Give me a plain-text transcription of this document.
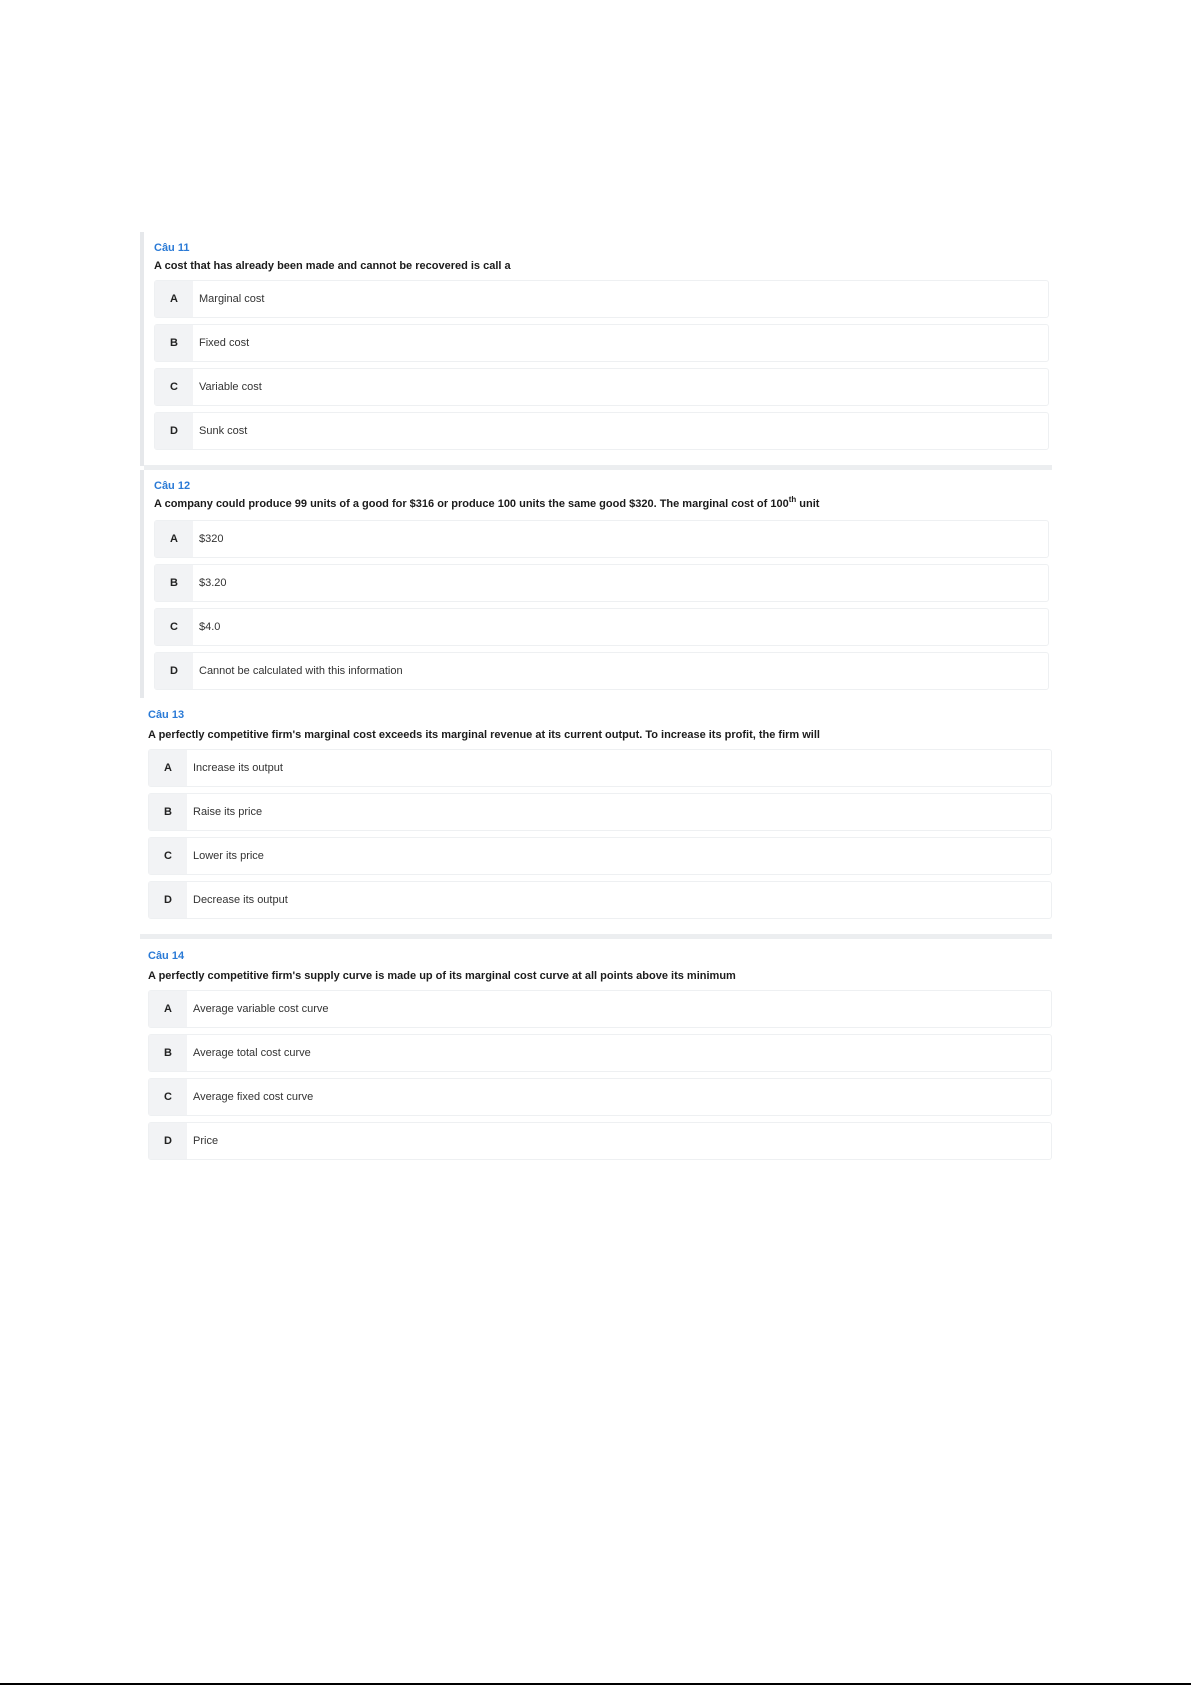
Câu 11
A cost that has already been made and cannot be recovered is call a
A	Marginal cost
B	Fixed cost
C	Variable cost
D	Sunk cost
Câu 12
A company could produce 99 units of a good for $316 or produce 100 units the same good $320. The marginal cost of 100th unit
A	$320
B	$3.20
C	$4.0
D	Cannot be calculated with this information
Câu 13
A perfectly competitive firm's marginal cost exceeds its marginal revenue at its current output. To increase its profit, the firm will
A	Increase its output
B	Raise its price
C	Lower its price
D	Decrease its output
Câu 14
A perfectly competitive firm's supply curve is made up of its marginal cost curve at all points above its minimum
A	Average variable cost curve
B	Average total cost curve
C	Average fixed cost curve
D	Price
